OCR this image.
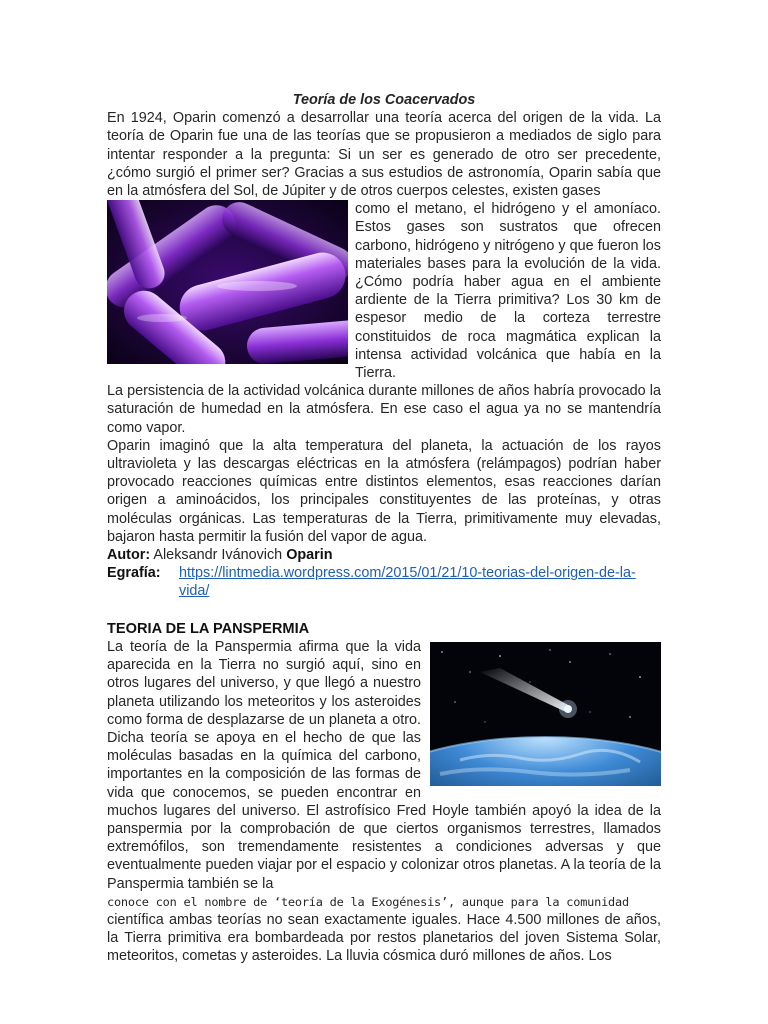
Teoría de los Coacervados

En 1924, Oparin comenzó a desarrollar una teoría acerca del origen de la vida. La teoría de Oparin fue una de las teorías que se propusieron a mediados de siglo para intentar responder a la pregunta: Si un ser es generado de otro ser precedente, ¿cómo surgió el primer ser? Gracias a sus estudios de astronomía, Oparin sabía que en la atmósfera del Sol, de Júpiter y de otros cuerpos celestes, existen gases

como el metano, el hidrógeno y el amoníaco. Estos gases son sustratos que ofrecen carbono, hidrógeno y nitrógeno y que fueron los materiales bases para la evolución de la vida. ¿Cómo podría haber agua en el ambiente ardiente de la Tierra primitiva? Los 30 km de espesor medio de la corteza terrestre constituidos de roca magmática explican la intensa actividad volcánica que había en la Tierra.

La persistencia de la actividad volcánica durante millones de años habría provocado la saturación de humedad en la atmósfera. En ese caso el agua ya no se mantendría como vapor.

Oparin imaginó que la alta temperatura del planeta, la actuación de los rayos ultravioleta y las descargas eléctricas en la atmósfera (relámpagos) podrían haber provocado reacciones químicas entre distintos elementos, esas reacciones darían origen a aminoácidos, los principales constituyentes de las proteínas, y otras moléculas orgánicas. Las temperaturas de la Tierra, primitivamente muy elevadas, bajaron hasta permitir la fusión del vapor de agua.

Autor: Aleksandr Ivánovich Oparin

Egrafía:	https://lintmedia.wordpress.com/2015/01/21/10-teorias-del-origen-de-la-vida/
TEORIA DE LA PANSPERMIA

La teoría de la Panspermia afirma que la vida aparecida en la Tierra no surgió aquí, sino en otros lugares del universo, y que llegó a nuestro planeta utilizando los meteoritos y los asteroides como forma de desplazarse de un planeta a otro. Dicha teoría se apoya en el hecho de que las moléculas basadas en la química del carbono, importantes en la composición de las formas de vida que conocemos, se pueden encontrar en muchos lugares del universo. El astrofísico Fred Hoyle también apoyó la idea de la panspermia por la comprobación de que ciertos organismos terrestres, llamados extremófilos, son tremendamente resistentes a condiciones adversas y que eventualmente pueden viajar por el espacio y colonizar otros planetas. A la teoría de la Panspermia también se la

conoce con el nombre de ‘teoría de la Exogénesis’, aunque para la comunidad

científica ambas teorías no sean exactamente iguales. Hace 4.500 millones de años, la Tierra primitiva era bombardeada por restos planetarios del joven Sistema Solar, meteoritos, cometas y asteroides. La lluvia cósmica duró millones de años. Los
